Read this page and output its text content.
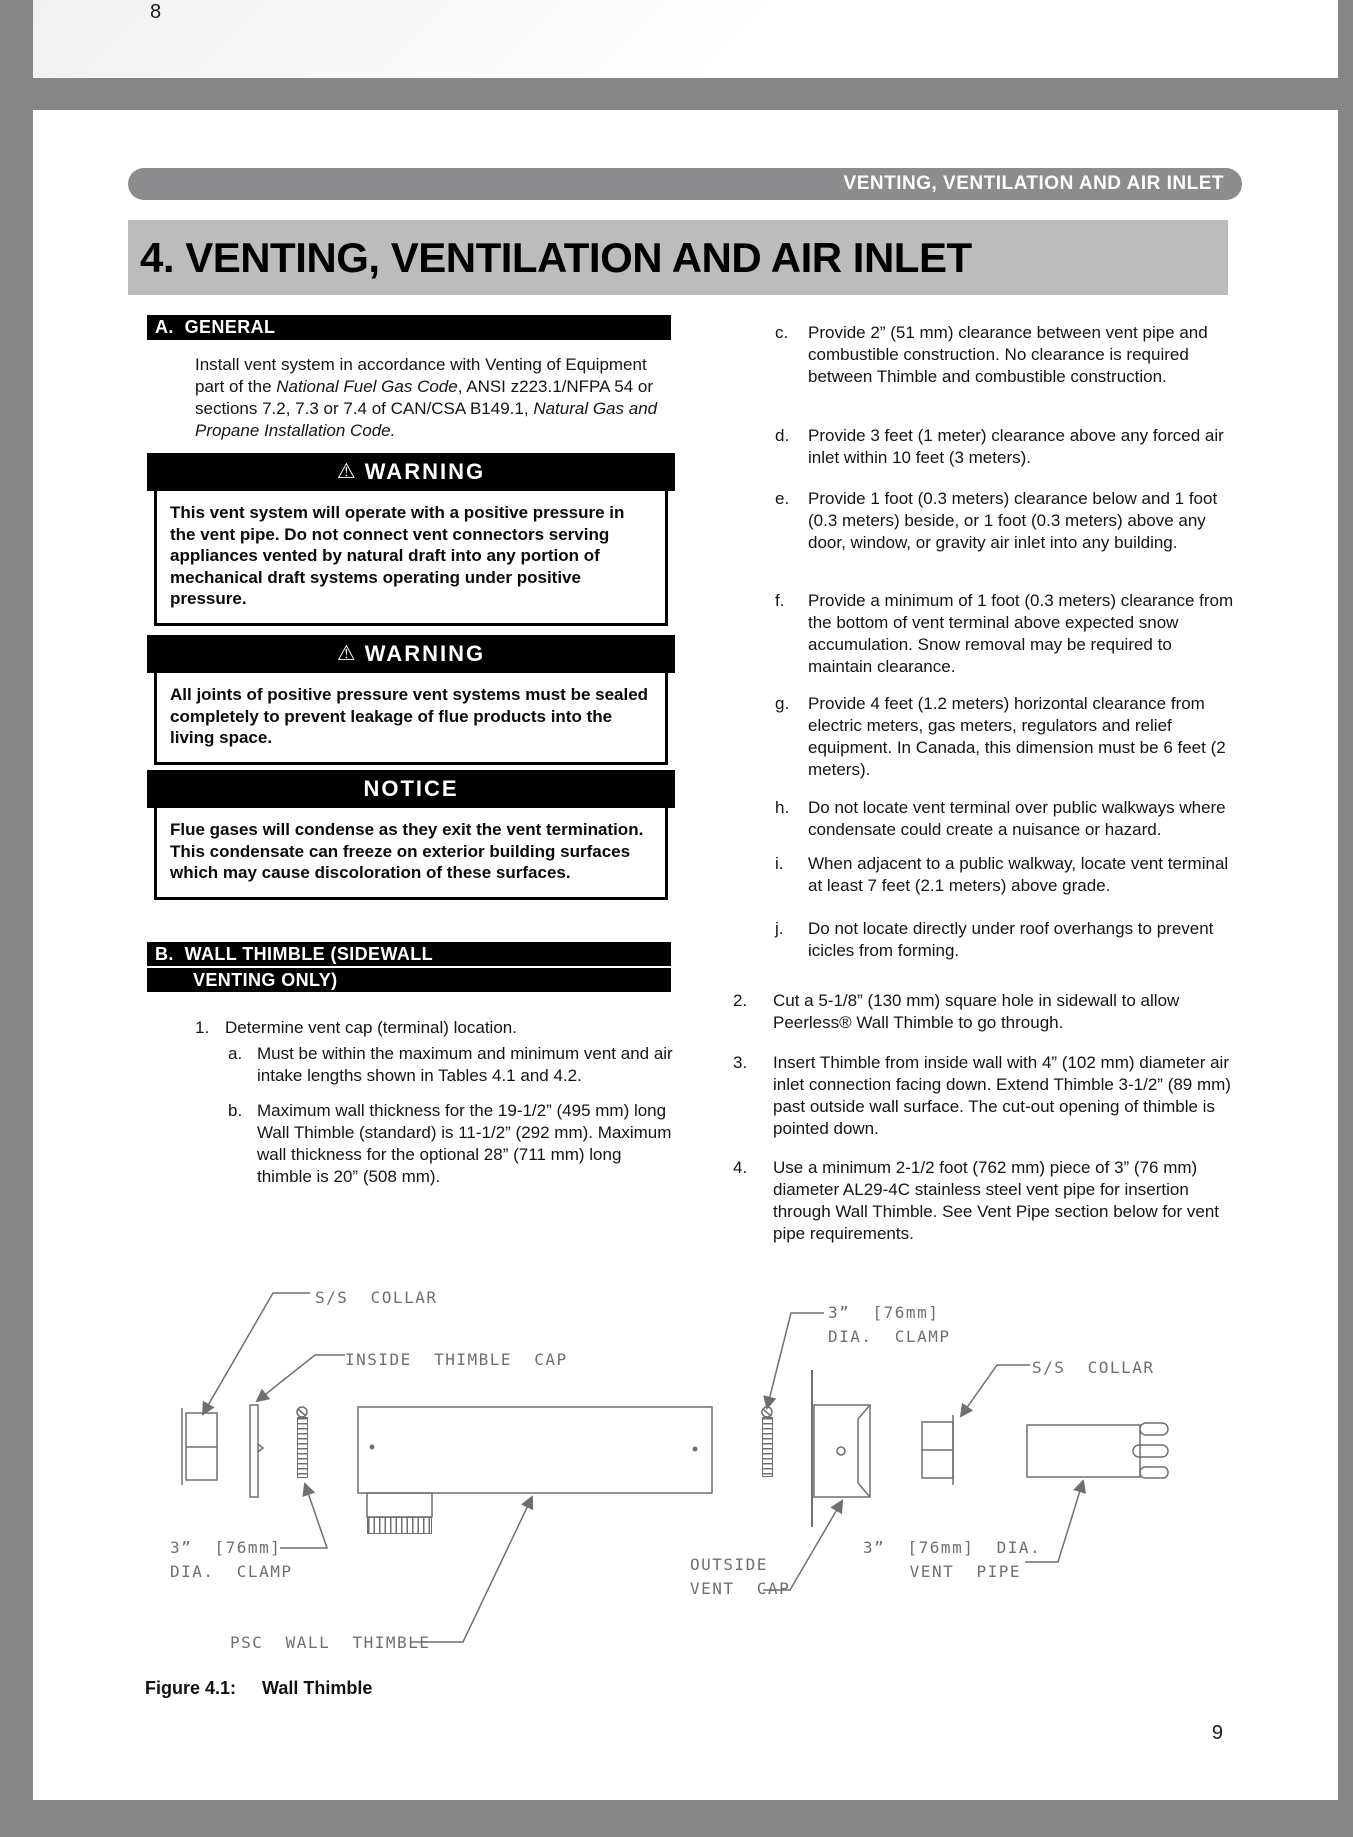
8
VENTING, VENTILATION AND AIR INLET
4. VENTING, VENTILATION AND AIR INLET
A.  GENERAL
Install vent system in accordance with Venting of Equipment part of the National Fuel Gas Code, ANSI z223.1/NFPA 54 or sections 7.2, 7.3 or 7.4 of CAN/CSA B149.1, Natural Gas and Propane Installation Code.
⚠ WARNING
This vent system will operate with a positive pressure in the vent pipe. Do not connect vent connectors serving appliances vented by natural draft into any portion of mechanical draft systems operating under positive pressure.
⚠ WARNING
All joints of positive pressure vent systems must be sealed completely to prevent leakage of flue products into the living space.
NOTICE
Flue gases will condense as they exit the vent termination. This condensate can freeze on exterior building surfaces which may cause discoloration of these surfaces.
B.  WALL THIMBLE (SIDEWALL
VENTING ONLY)
1. Determine vent cap (terminal) location.
a. Must be within the maximum and minimum vent and air intake lengths shown in Tables 4.1 and 4.2.
b. Maximum wall thickness for the 19-1/2” (495 mm) long Wall Thimble (standard) is 11-1/2” (292 mm). Maximum wall thickness for the optional 28” (711 mm) long thimble is 20” (508 mm).
c. Provide 2” (51 mm) clearance between vent pipe and combustible construction. No clearance is required between Thimble and combustible construction.
d. Provide 3 feet (1 meter) clearance above any forced air inlet within 10 feet (3 meters).
e. Provide 1 foot (0.3 meters) clearance below and 1 foot (0.3 meters) beside, or 1 foot (0.3 meters) above any door, window, or gravity air inlet into any building.
f. Provide a minimum of 1 foot (0.3 meters) clearance from the bottom of vent terminal above expected snow accumulation. Snow removal may be required to maintain clearance.
g. Provide 4 feet (1.2 meters) horizontal clearance from electric meters, gas meters, regulators and relief equipment. In Canada, this dimension must be 6 feet (2 meters).
h. Do not locate vent terminal over public walkways where condensate could create a nuisance or hazard.
i. When adjacent to a public walkway, locate vent terminal at least 7 feet (2.1 meters) above grade.
j. Do not locate directly under roof overhangs to prevent icicles from forming.
2. Cut a 5-1/8” (130 mm) square hole in sidewall to allow Peerless® Wall Thimble to go through.
3. Insert Thimble from inside wall with 4” (102 mm) diameter air inlet connection facing down. Extend Thimble 3-1/2” (89 mm) past outside wall surface. The cut-out opening of thimble is pointed down.
4. Use a minimum 2-1/2 foot (762 mm) piece of 3” (76 mm) diameter AL29-4C stainless steel vent pipe for insertion through Wall Thimble. See Vent Pipe section below for vent pipe requirements.
S/S  COLLAR
INSIDE  THIMBLE  CAP
3”  [76mm]
DIA.  CLAMP
PSC  WALL  THIMBLE
3”  [76mm]
DIA.  CLAMP
OUTSIDE
VENT  CAP
S/S  COLLAR
3”  [76mm]  DIA.
VENT  PIPE
Figure 4.1: Wall Thimble
9
